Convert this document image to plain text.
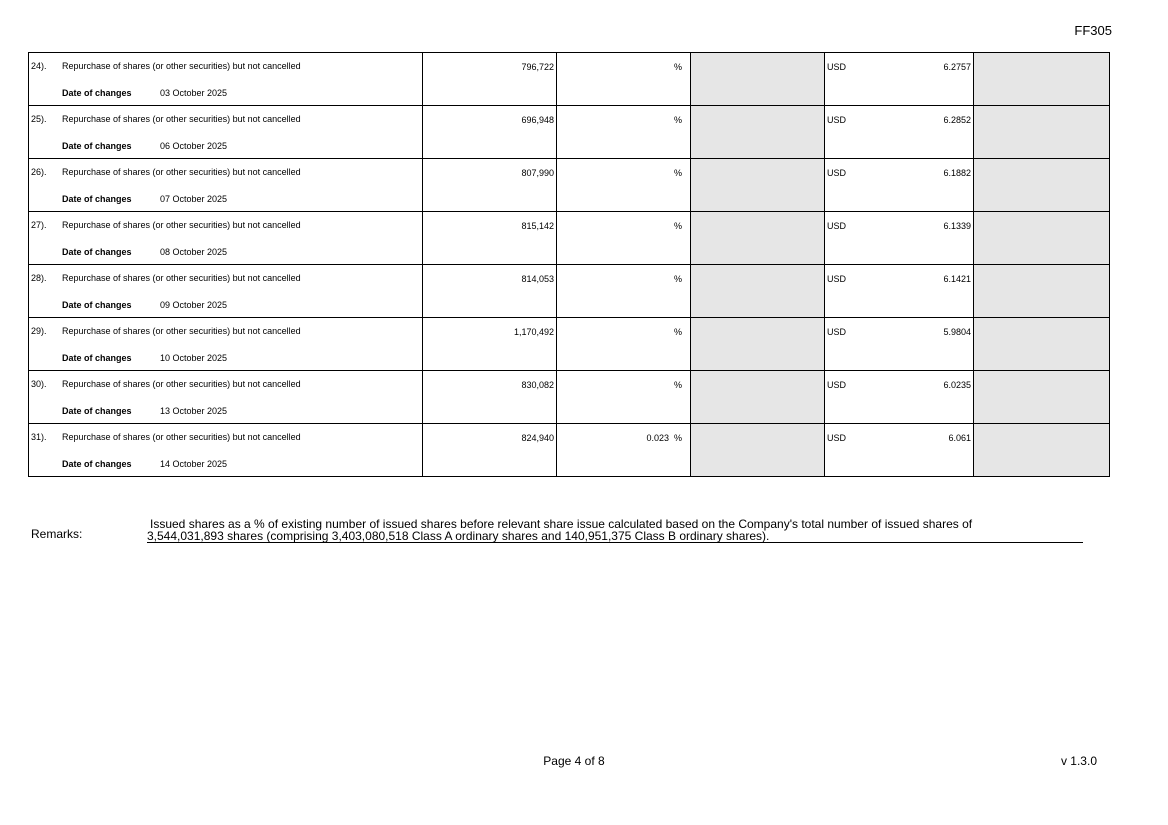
FF305
24). Repurchase of shares (or other securities) but not cancelled
Date of changes 03 October 2025	796,722	%		USD 6.2757	

25). Repurchase of shares (or other securities) but not cancelled
Date of changes 06 October 2025	696,948	%		USD 6.2852	

26). Repurchase of shares (or other securities) but not cancelled
Date of changes 07 October 2025	807,990	%		USD 6.1882	

27). Repurchase of shares (or other securities) but not cancelled
Date of changes 08 October 2025	815,142	%		USD 6.1339	

28). Repurchase of shares (or other securities) but not cancelled
Date of changes 09 October 2025	814,053	%		USD 6.1421	

29). Repurchase of shares (or other securities) but not cancelled
Date of changes 10 October 2025	1,170,492	%		USD 5.9804	

30). Repurchase of shares (or other securities) but not cancelled
Date of changes 13 October 2025	830,082	%		USD 6.0235	

31). Repurchase of shares (or other securities) but not cancelled
Date of changes 14 October 2025	824,940	0.023  %		USD 6.061	

Remarks:
Issued shares as a % of existing number of issued shares before relevant share issue calculated based on the Company's total number of issued shares of
3,544,031,893 shares (comprising 3,403,080,518 Class A ordinary shares and 140,951,375 Class B ordinary shares).
Page 4 of 8	v 1.3.0
